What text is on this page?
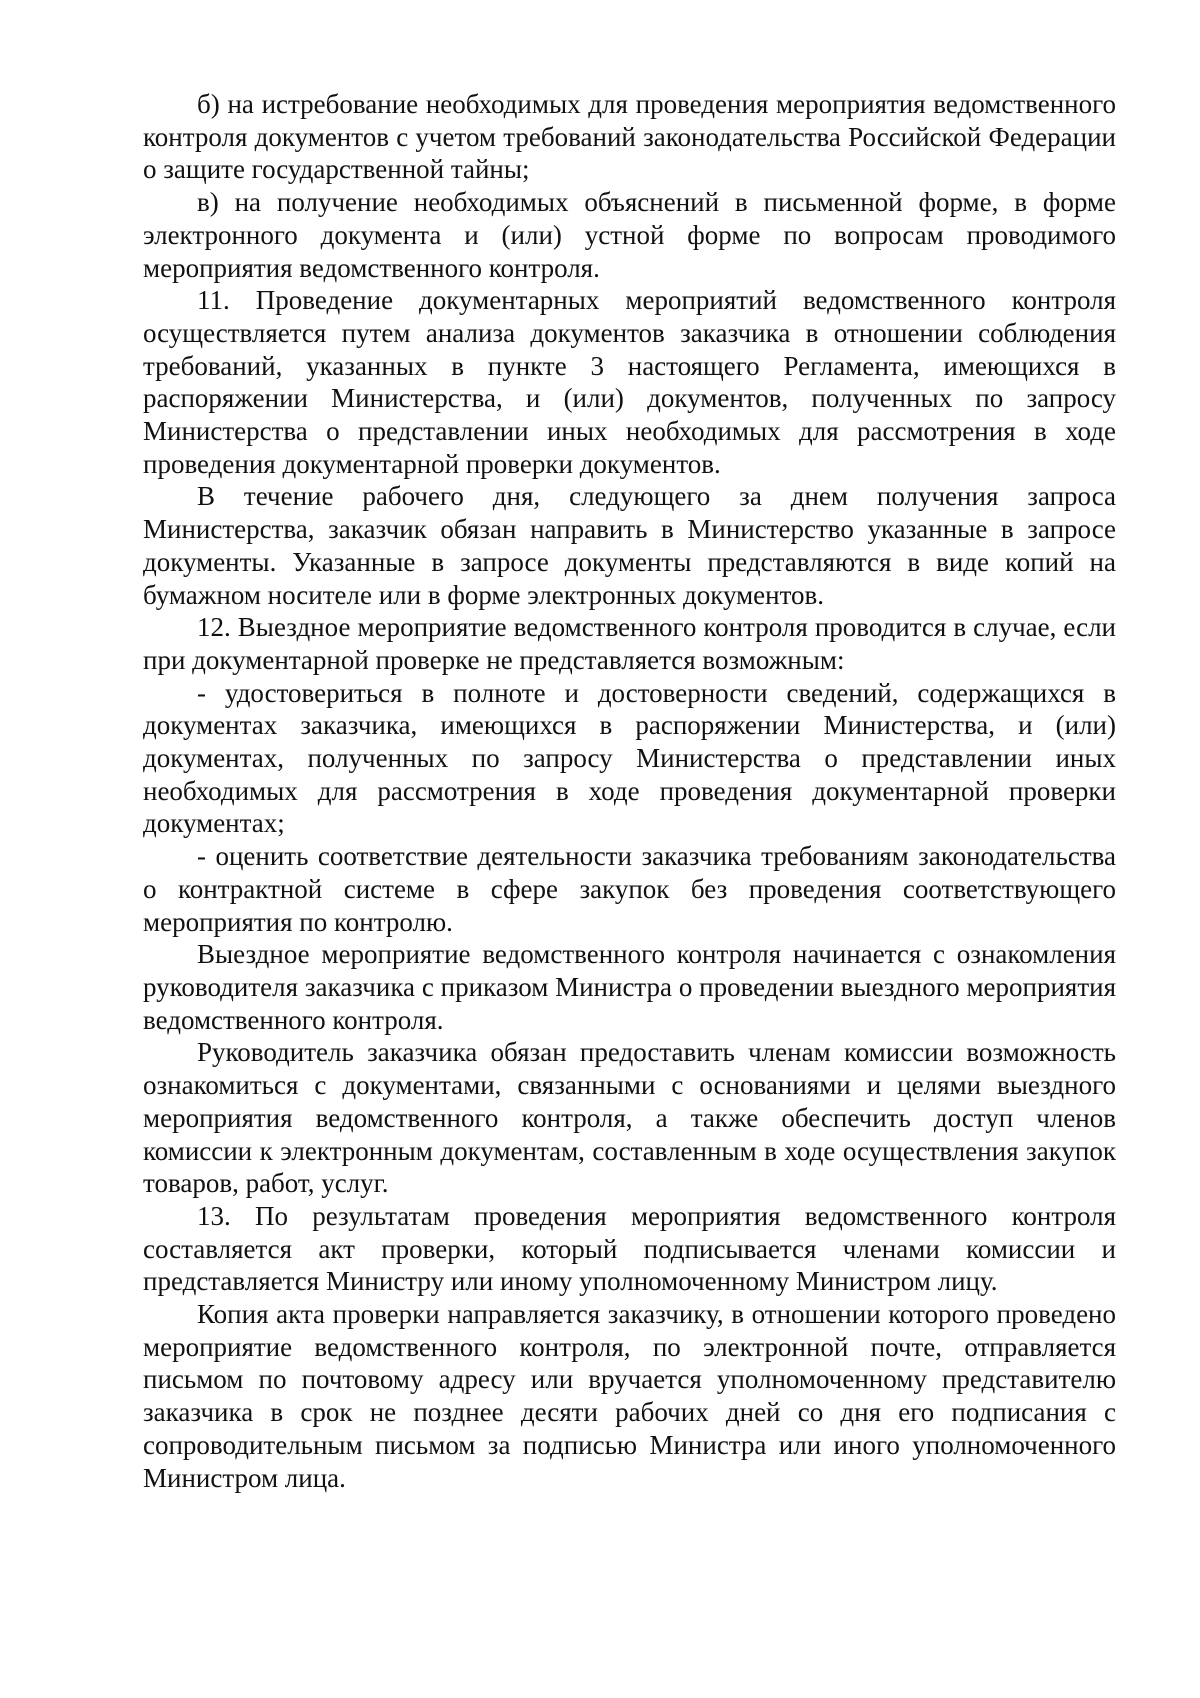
б) на истребование необходимых для проведения мероприятия ведомственного контроля документов с учетом требований законодательства Российской Федерации о защите государственной тайны;

в) на получение необходимых объяснений в письменной форме, в форме электронного документа и (или) устной форме по вопросам проводимого мероприятия ведомственного контроля.

11. Проведение документарных мероприятий ведомственного контроля осуществляется путем анализа документов заказчика в отношении соблюдения требований, указанных в пункте 3 настоящего Регламента, имеющихся в распоряжении Министерства, и (или) документов, полученных по запросу Министерства о представлении иных необходимых для рассмотрения в ходе проведения документарной проверки документов.

В течение рабочего дня, следующего за днем получения запроса Министерства, заказчик обязан направить в Министерство указанные в запросе документы. Указанные в запросе документы представляются в виде копий на бумажном носителе или в форме электронных документов.

12. Выездное мероприятие ведомственного контроля проводится в случае, если при документарной проверке не представляется возможным:

- удостовериться в полноте и достоверности сведений, содержащихся в документах заказчика, имеющихся в распоряжении Министерства, и (или) документах, полученных по запросу Министерства о представлении иных необходимых для рассмотрения в ходе проведения документарной проверки документах;

- оценить соответствие деятельности заказчика требованиям законодательства о контрактной системе в сфере закупок без проведения соответствующего мероприятия по контролю.

Выездное мероприятие ведомственного контроля начинается с ознакомления руководителя заказчика с приказом Министра о проведении выездного мероприятия ведомственного контроля.

Руководитель заказчика обязан предоставить членам комиссии возможность ознакомиться с документами, связанными с основаниями и целями выездного мероприятия ведомственного контроля, а также обеспечить доступ членов комиссии к электронным документам, составленным в ходе осуществления закупок товаров, работ, услуг.

13. По результатам проведения мероприятия ведомственного контроля составляется акт проверки, который подписывается членами комиссии и представляется Министру или иному уполномоченному Министром лицу.

Копия акта проверки направляется заказчику, в отношении которого проведено мероприятие ведомственного контроля, по электронной почте, отправляется письмом по почтовому адресу или вручается уполномоченному представителю заказчика в срок не позднее десяти рабочих дней со дня его подписания с сопроводительным письмом за подписью Министра или иного уполномоченного Министром лица.
